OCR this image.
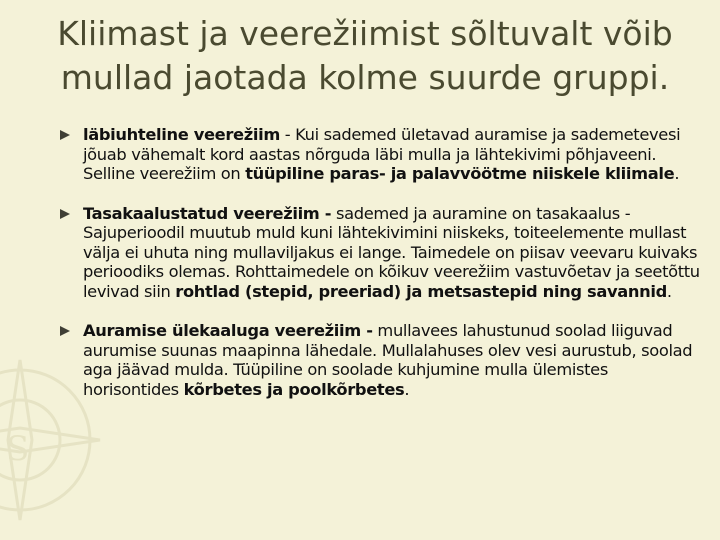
S
Kliimast ja veerežiimist sõltuvalt võib
mullad jaotada kolme suurde gruppi.

läbiuhteline veerežiim - Kui sademed ületavad auramise ja sademetevesi jõuab vähemalt kord aastas nõrguda läbi mulla ja lähtekivimi põhjaveeni. Selline veerežiim on tüüpiline paras- ja palavvöötme niiskele kliimale.

Tasakaalustatud veerežiim - sademed ja auramine on tasakaalus - Sajuperioodil muutub muld kuni lähtekivimini niiskeks, toiteelemente mullast välja ei uhuta ning mullaviljakus ei lange. Taimedele on piisav veevaru kuivaks perioodiks olemas. Rohttaimedele on kõikuv veerežiim vastuvõetav ja seetõttu levivad siin rohtlad (stepid, preeriad) ja metsastepid ning savannid.

Auramise ülekaaluga veerežiim - mullavees lahustunud soolad liiguvad aurumise suunas maapinna lähedale. Mullalahuses olev vesi aurustub, soolad aga jäävad mulda. Tüüpiline on soolade kuhjumine mulla ülemistes horisontides kõrbetes ja poolkõrbetes.
